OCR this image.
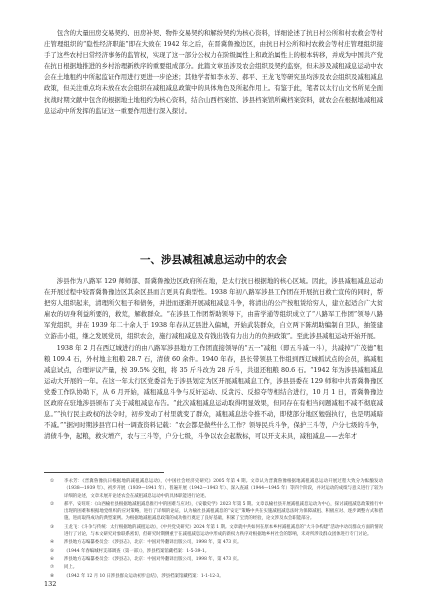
包含的大量田房交易契约、田房补契、物件交易契约和解纷契约为核心资料，详细论述了抗日村公所和村农救会等村庄管理组织的“隐性经济职能”即在大致在 1942 年之后，在晋冀鲁豫边区，由抗日村公所和村农救会等村庄管理组织接手了这些农村日常经济事务的监管权，实现了这一部分公权力在阶级属性上和政治属性上的根本转移，并成为中国共产党在抗日根据地推进的乡村治理新秩序的重要组成部分。此篇文章虽涉及农会组织及契约监察，但未涉及减租减息运动中农会在土地租约中所起监证作用进行更进一步论述；其他学者如李永芳、郝平、王龙飞等研究虽均涉及农会组织及减租减息政策，但关注重点均未放在农会组织在减租减息政策中的具体角色及所起作用上。有鉴于此，笔者以太行山文书所见全面抗战时期文献中包含的根据地土地租约为核心资料，结合山西档案馆、涉县档案馆所藏档案资料，就农会在根据地减租减息运动中所发挥的监证这一重要作用进行深入探讨。

一、涉县减租减息运动中的农会

涉县作为八路军 129 师师部、晋冀鲁豫边区政府所在地，是太行抗日根据地的核心区域。因此，涉县减租减息运动在开展过程中较晋冀鲁豫边区其余区县而言更具有典型性。1938 年初八路军涉县工作团在开展抗日救亡宣传的同时，帮把穷人组织起来，清理所欠租子和债务，并进而逐渐开展减租减息斗争，将清出的公产按租赁给穷人，建立起适合广大贫雇农的切身利益所要的，救荒，解救群众。“在涉县工作团帮助领导下，由苗学通等组织成立了“八路军工作团”领导八路军党组织，并在 1939 年二十余人于 1938 年春从辽县进入偏城，开始武装群众，自立两下陈胡助编制自卫队，抽签建立游击小组，继之发展党员，组织农会，施行减租减息及有钱出钱有力出力的负担政策”。至此涉县减租运动开始开展。

1938 年 2 月在西辽城进行的由八路军涉县地方工作团直接领导的“五一”减租（即五斗减一斗），共减掉“广茂德”租粮 109.4 石，外村地主租粮 28.7 石，清债 60 余件。1940 年春，县长带领县工作组到西辽城抓试点的会员，搞减租减息试点，合理评议产量，按 39.5% 交租，将 35 斤斗改为 28 斤斗，共退还租粮 80.6 石。“1942 年为涉县减租减息运动大开展的一年。在这一年太行区党委首先于涉县划定为区开展减租减息工作，涉县县委在 129 师和中共晋冀鲁豫区党委工作队协助下，从 6 月开始，减租减息斗争与反奸运动、反贪污、反掠夺等相结合进行，10 月 1 日，晋冀鲁豫边区政府在驻地涉县颁布了关于减租减息布告。“此次减租减息运动取得明显效果，但同存在有相当问题减租不减不彻底减息。”“执行民主政权的法令时，初步发动了村里就变了群众，减租减息法令推不动，即使部分地区勉强执行，也是明减暗不减。”“据河时期涉县官口村一调查资料记载：“农会都是做些什么工作？领导民兵斗争，保护三斗等，户分七级的斗争，清债斗争，起粮，救灾增产，农与三斗等，户分七级，斗争以农会起数标，可以开支未具，减租减息——去年才

①	李永芳：《晋冀鲁豫抗日根据地的减租减息运动》，《中国社会经济史研究》2005 年第 4 期。文章认为晋冀鲁豫根据地减租减息运动开展过程大致分为酝酿发动（1938—1939 年）、初步开展（1939—1941 年）、普遍开展（1942—1943 年）、深入查减（1944—1945 年）等四个阶段，并对运动的成绩与意义进行了较为详细的论述，文章未展开论述农会在减租减息运动中的具体职能进行论述。
②	郝平、安旺旺：《山西榆社县根据地减租减息推行中的困难与应对》，《安徽史学》2023 年第 5 期。文章以榆社县开展减租减息运动为中心，探讨减租减息政策推行中出现的困难和根据地党组织的应对策略，进行了详细的论证，认为榆社县减租减息的“安定”策略中共在实施减租减息法时为保障减租、积极应对、逐步调整方式和措施，进而取得成功的典型案例。为根据地减租减息政策的成功推行奠定了良好基础，积累了宝贵的经验，论文涉及农会职能部分。
③	王龙飞：《斗争与传统：太行根据地的减租运动》，《中共党史研究》2024 年第 1 期。文章就中共如何在原本乡村减租减息的“大斗争构建”活动中动员群众方面的情况进行了讨论，与本文研究对象联系密切，但研究时期侧重于在减租减息运动中形成的新权力秩序对根据地乡村社会的影响，未对所涉及群众团体进行专门讨论。
④	涉县地方志编纂委员会：《涉县志》，北京：中国对外翻译出版公司，1998 年，第 473 页。
⑤	《1944 年春编城村支部调查（第一部）》，涉县档案馆藏档案：1-5-39-1。
⑥	涉县地方志编纂委员会：《涉县志》，北京：中国对外翻译出版公司，1998 年，第 473 页。
⑦	同上。
⑧	《1942 年 12 月 10 日涉县群众运动初步总结》，涉县档案馆藏档案：1-1-12-3。
132
